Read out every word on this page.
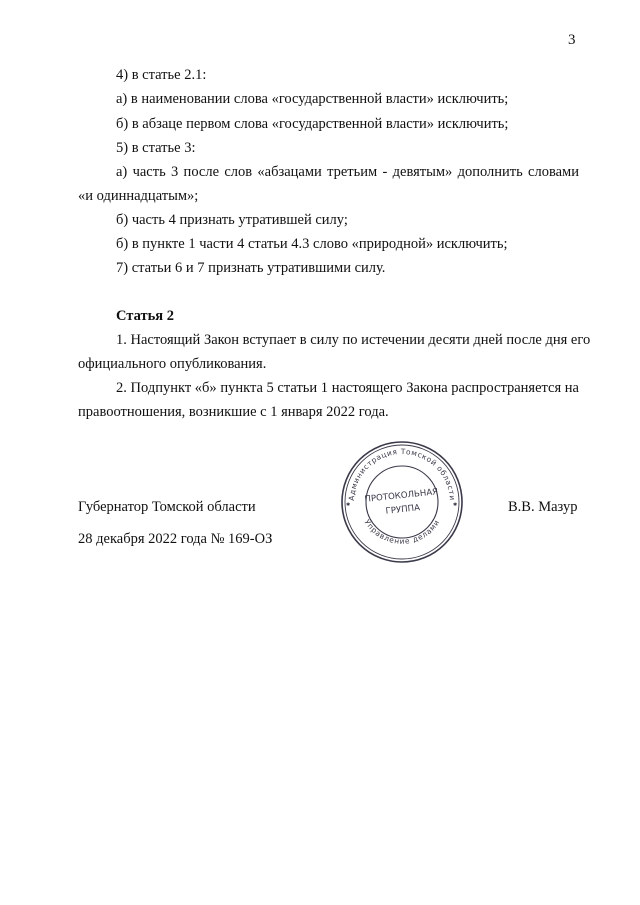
3
4) в статье 2.1:
а) в наименовании слова «государственной власти» исключить;
б) в абзаце первом слова «государственной власти» исключить;
5) в статье 3:
а) часть 3 после слов «абзацами третьим - девятым» дополнить словами
«и одиннадцатым»;
б) часть 4 признать утратившей силу;
б) в пункте 1 части 4 статьи 4.3 слово «природной» исключить;
7) статьи 6 и 7 признать утратившими силу.
Статья 2
1. Настоящий Закон вступает в силу по истечении десяти дней после дня его
официального опубликования.
2. Подпункт «б» пункта 5 статьи 1 настоящего Закона распространяется на
правоотношения, возникшие с 1 января 2022 года.
Губернатор Томской области	В.В. Мазур
28 декабря 2022 года № 169-ОЗ
Администрация Томской области
Управление делами
ПРОТОКОЛЬНАЯ
ГРУППА
✱	✱
